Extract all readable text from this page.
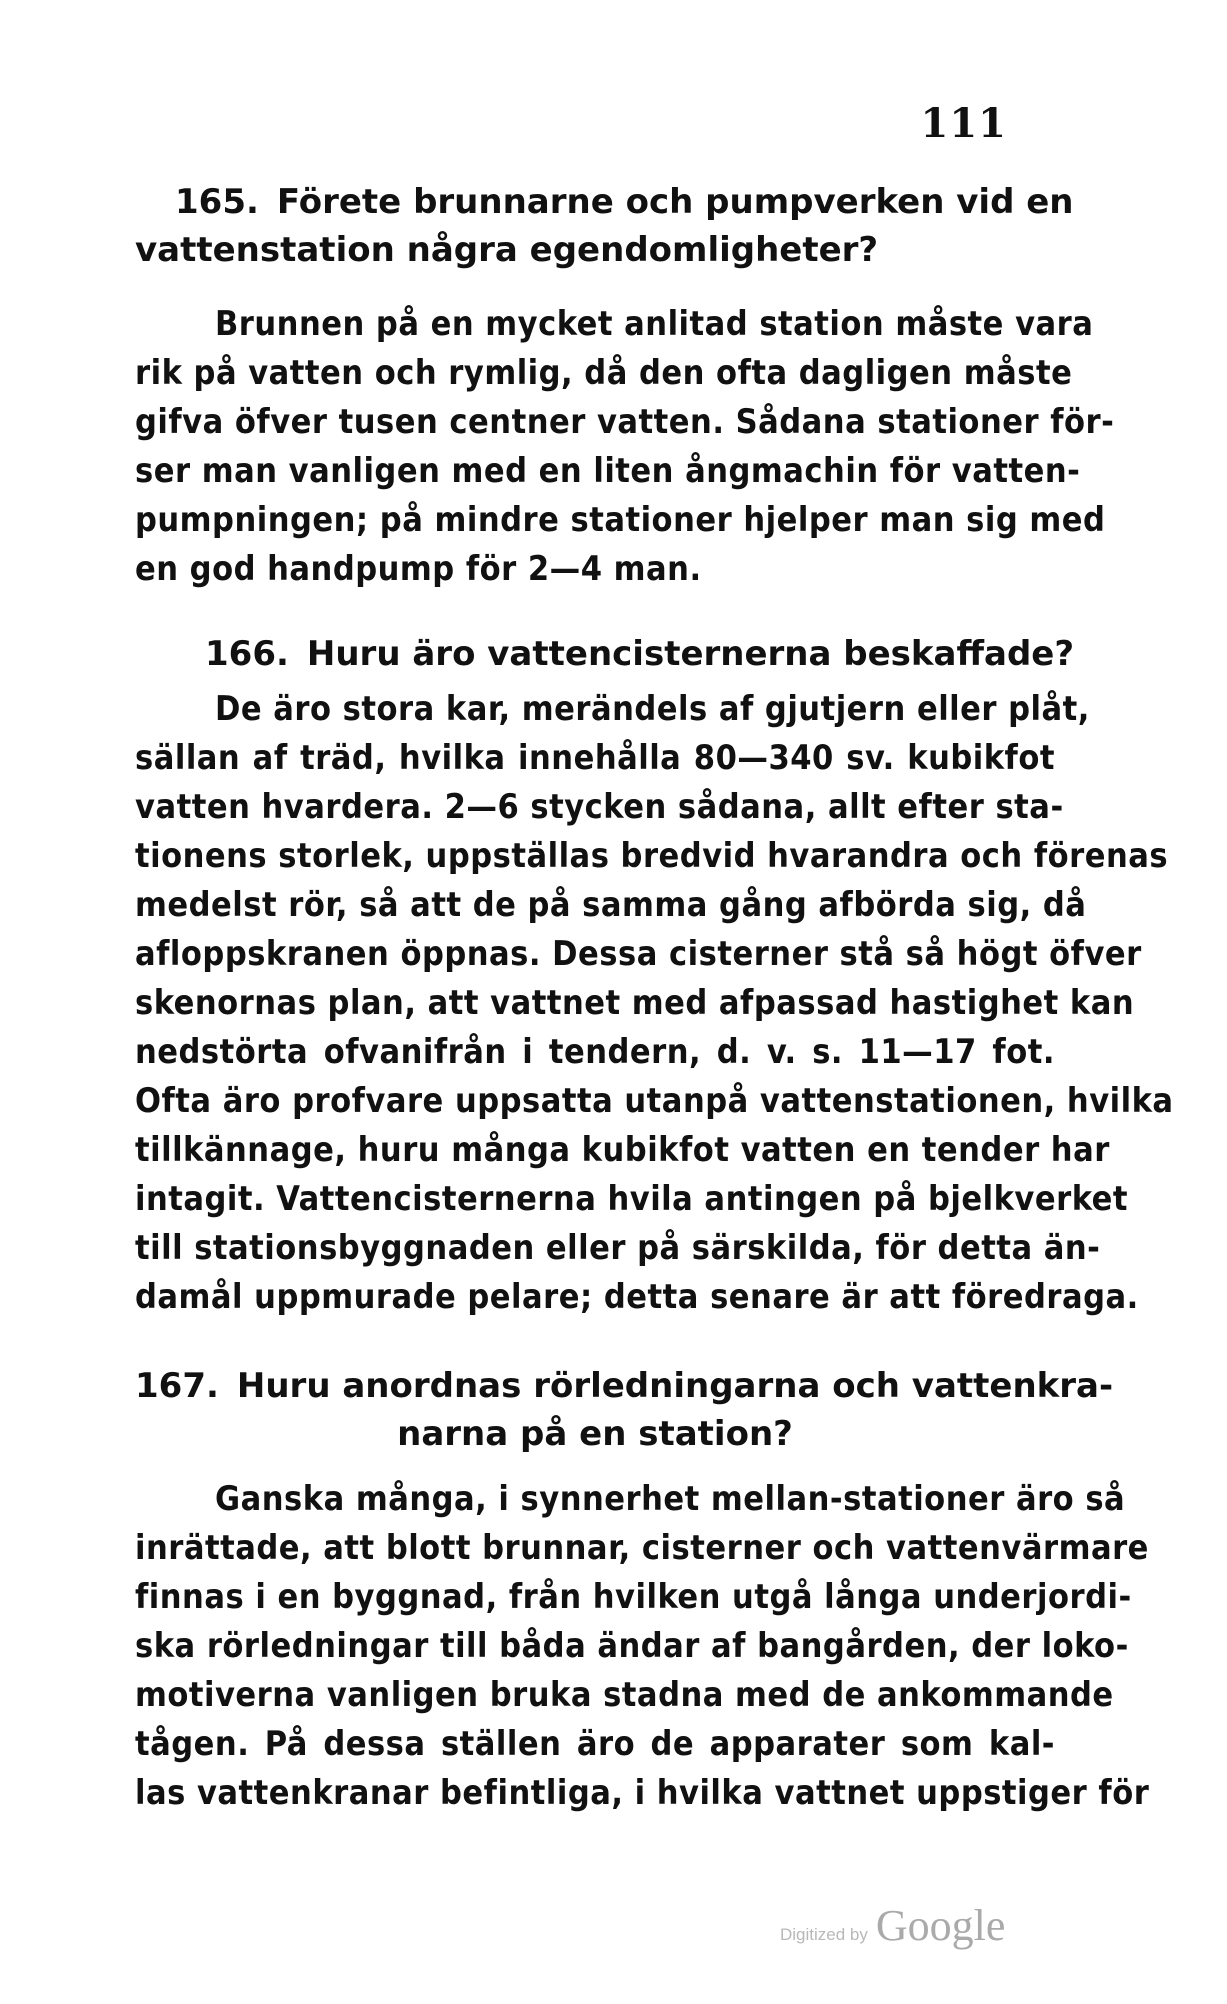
111
165. Förete brunnarne och pumpverken vid en
vattenstation några egendomligheter?
Brunnen på en mycket anlitad station måste vara
rik på vatten och rymlig, då den ofta dagligen måste
gifva öfver tusen centner vatten. Sådana stationer för-
ser man vanligen med en liten ångmachin för vatten-
pumpningen; på mindre stationer hjelper man sig med
en god handpump för 2—4 man.
166. Huru äro vattencisternerna beskaffade?
De äro stora kar, merändels af gjutjern eller plåt,
sällan af träd, hvilka innehålla 80—340 sv. kubikfot
vatten hvardera. 2—6 stycken sådana, allt efter sta-
tionens storlek, uppställas bredvid hvarandra och förenas
medelst rör, så att de på samma gång afbörda sig, då
afloppskranen öppnas. Dessa cisterner stå så högt öfver
skenornas plan, att vattnet med afpassad hastighet kan
nedstörta ofvanifrån i tendern, d. v. s. 11—17 fot.
Ofta äro profvare uppsatta utanpå vattenstationen, hvilka
tillkännage, huru många kubikfot vatten en tender har
intagit. Vattencisternerna hvila antingen på bjelkverket
till stationsbyggnaden eller på särskilda, för detta än-
damål uppmurade pelare; detta senare är att föredraga.
167. Huru anordnas rörledningarna och vattenkra-
narna på en station?
Ganska många, i synnerhet mellan-stationer äro så
inrättade, att blott brunnar, cisterner och vattenvärmare
finnas i en byggnad, från hvilken utgå långa underjordi-
ska rörledningar till båda ändar af bangården, der loko-
motiverna vanligen bruka stadna med de ankommande
tågen. På dessa ställen äro de apparater som kal-
las vattenkranar befintliga, i hvilka vattnet uppstiger för
Digitized by Google
